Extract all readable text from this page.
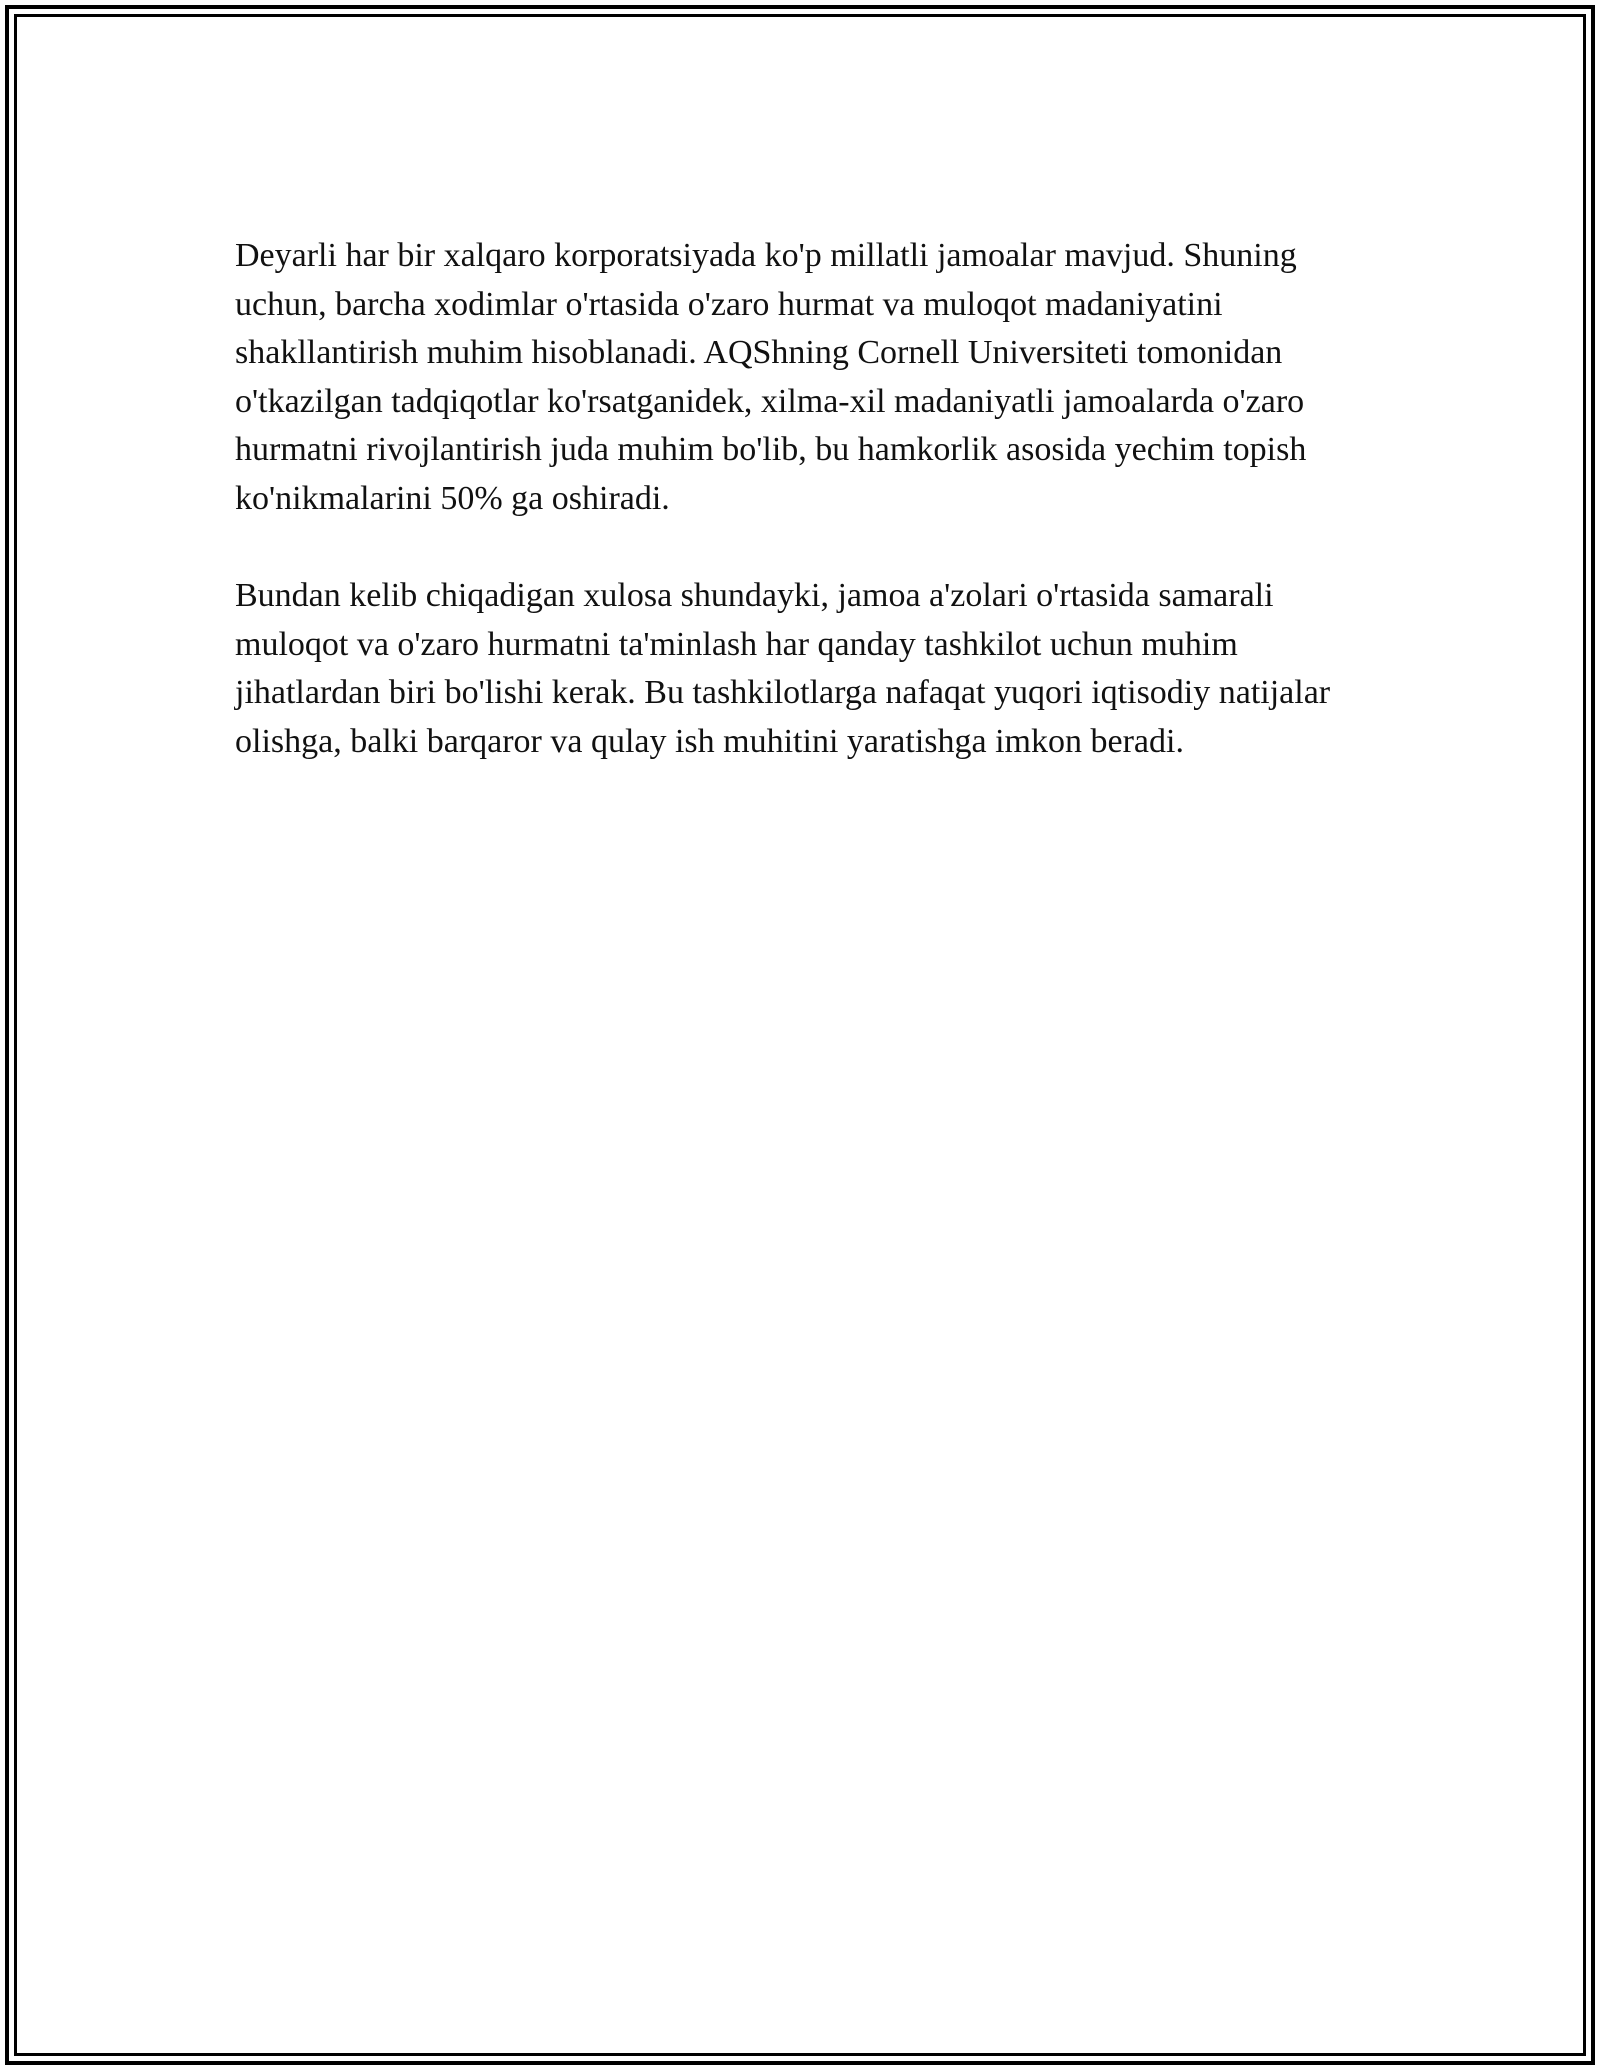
Deyarli har bir xalqaro korporatsiyada ko'p millatli jamoalar mavjud. Shuning uchun, barcha xodimlar o'rtasida o'zaro hurmat va muloqot madaniyatini shakllantirish muhim hisoblanadi. AQShning Cornell Universiteti tomonidan o'tkazilgan tadqiqotlar ko'rsatganidek, xilma-xil madaniyatli jamoalarda o'zaro hurmatni rivojlantirish juda muhim bo'lib, bu hamkorlik asosida yechim topish ko'nikmalarini 50% ga oshiradi.

Bundan kelib chiqadigan xulosa shundayki, jamoa a'zolari o'rtasida samarali muloqot va o'zaro hurmatni ta'minlash har qanday tashkilot uchun muhim jihatlardan biri bo'lishi kerak. Bu tashkilotlarga nafaqat yuqori iqtisodiy natijalar olishga, balki barqaror va qulay ish muhitini yaratishga imkon beradi.
